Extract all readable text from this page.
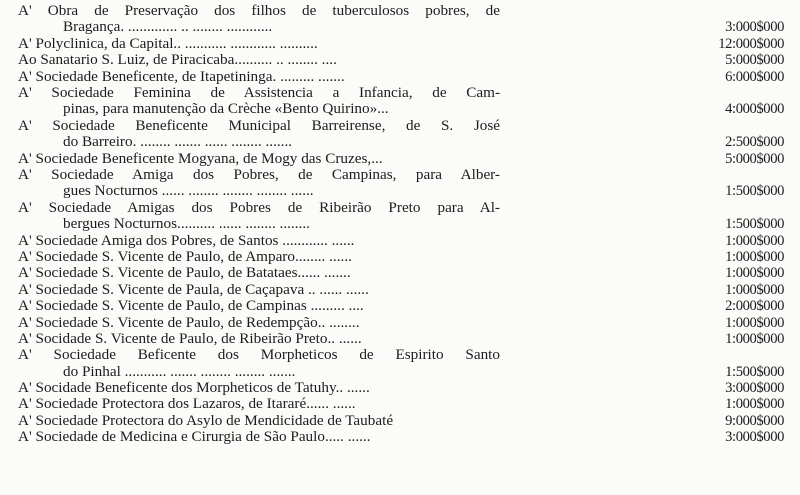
A' Obra de Preservação dos filhos de tuberculosos pobres, de
Bragança. ............. .. ........ ............	3:000$000
A' Polyclinica, da Capital.. ........... ............ ..........	12:000$000
Ao Sanatario S. Luiz, de Piracicaba.......... .. ........ ....	5:000$000
A' Sociedade Beneficente, de Itapetininga. ......... .......	6:000$000
A' Sociedade Feminina de Assistencia a Infancia, de Cam-
pinas, para manutenção da Crèche «Bento Quirino»...	4:000$000
A' Sociedade Beneficente Municipal Barreirense, de S. José
do Barreiro. ........ ....... ...... ........ .......	2:500$000
A' Sociedade Beneficente Mogyana, de Mogy das Cruzes,...	5:000$000
A' Sociedade Amiga dos Pobres, de Campinas, para Alber-
gues Nocturnos ...... ........ ........ ........ ......	1:500$000
A' Sociedade Amigas dos Pobres de Ribeirão Preto para Al-
bergues Nocturnos.......... ...... ........ ........	1:500$000
A' Sociedade Amiga dos Pobres, de Santos ............ ......	1:000$000
A' Sociedade S. Vicente de Paulo, de Amparo........ ......	1:000$000
A' Sociedade S. Vicente de Paulo, de Batataes...... .......	1:000$000
A' Sociedade S. Vicente de Paula, de Caçapava .. ...... ......	1:000$000
A' Sociedade S. Vicente de Paulo, de Campinas ......... ....	2:000$000
A' Sociedade S. Vicente de Paulo, de Redempção.. ........	1:000$000
A' Socidade S. Vicente de Paulo, de Ribeirão Preto.. ......	1:000$000
A' Sociedade Beficente dos Morpheticos de Espirito Santo
do Pinhal ........... ....... ........ ........ .......	1:500$000
A' Socidade Beneficente dos Morpheticos de Tatuhy.. ......	3:000$000
A' Sociedade Protectora dos Lazaros, de Itararé...... ......	1:000$000
A' Sociedade Protectora do Asylo de Mendicidade de Taubaté	9:000$000
A' Sociedade de Medicina e Cirurgia de São Paulo..... ......	3:000$000
